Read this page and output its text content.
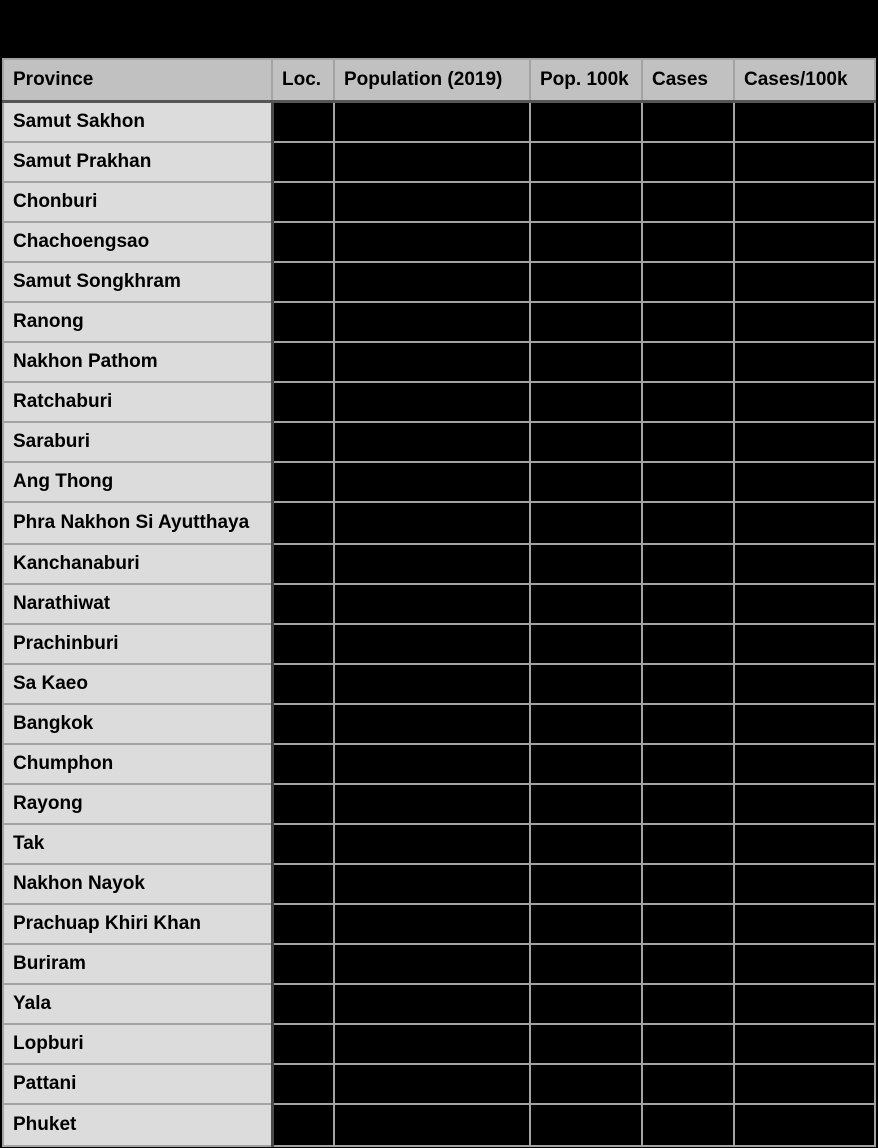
Province	Loc.	Population (2019)	Pop. 100k	Cases	Cases/100k
Samut Sakhon					
Samut Prakhan					
Chonburi					
Chachoengsao					
Samut Songkhram					
Ranong					
Nakhon Pathom					
Ratchaburi					
Saraburi					
Ang Thong					
Phra Nakhon Si Ayutthaya					
Kanchanaburi					
Narathiwat					
Prachinburi					
Sa Kaeo					
Bangkok					
Chumphon					
Rayong					
Tak					
Nakhon Nayok					
Prachuap Khiri Khan					
Buriram					
Yala					
Lopburi					
Pattani					
Phuket					
